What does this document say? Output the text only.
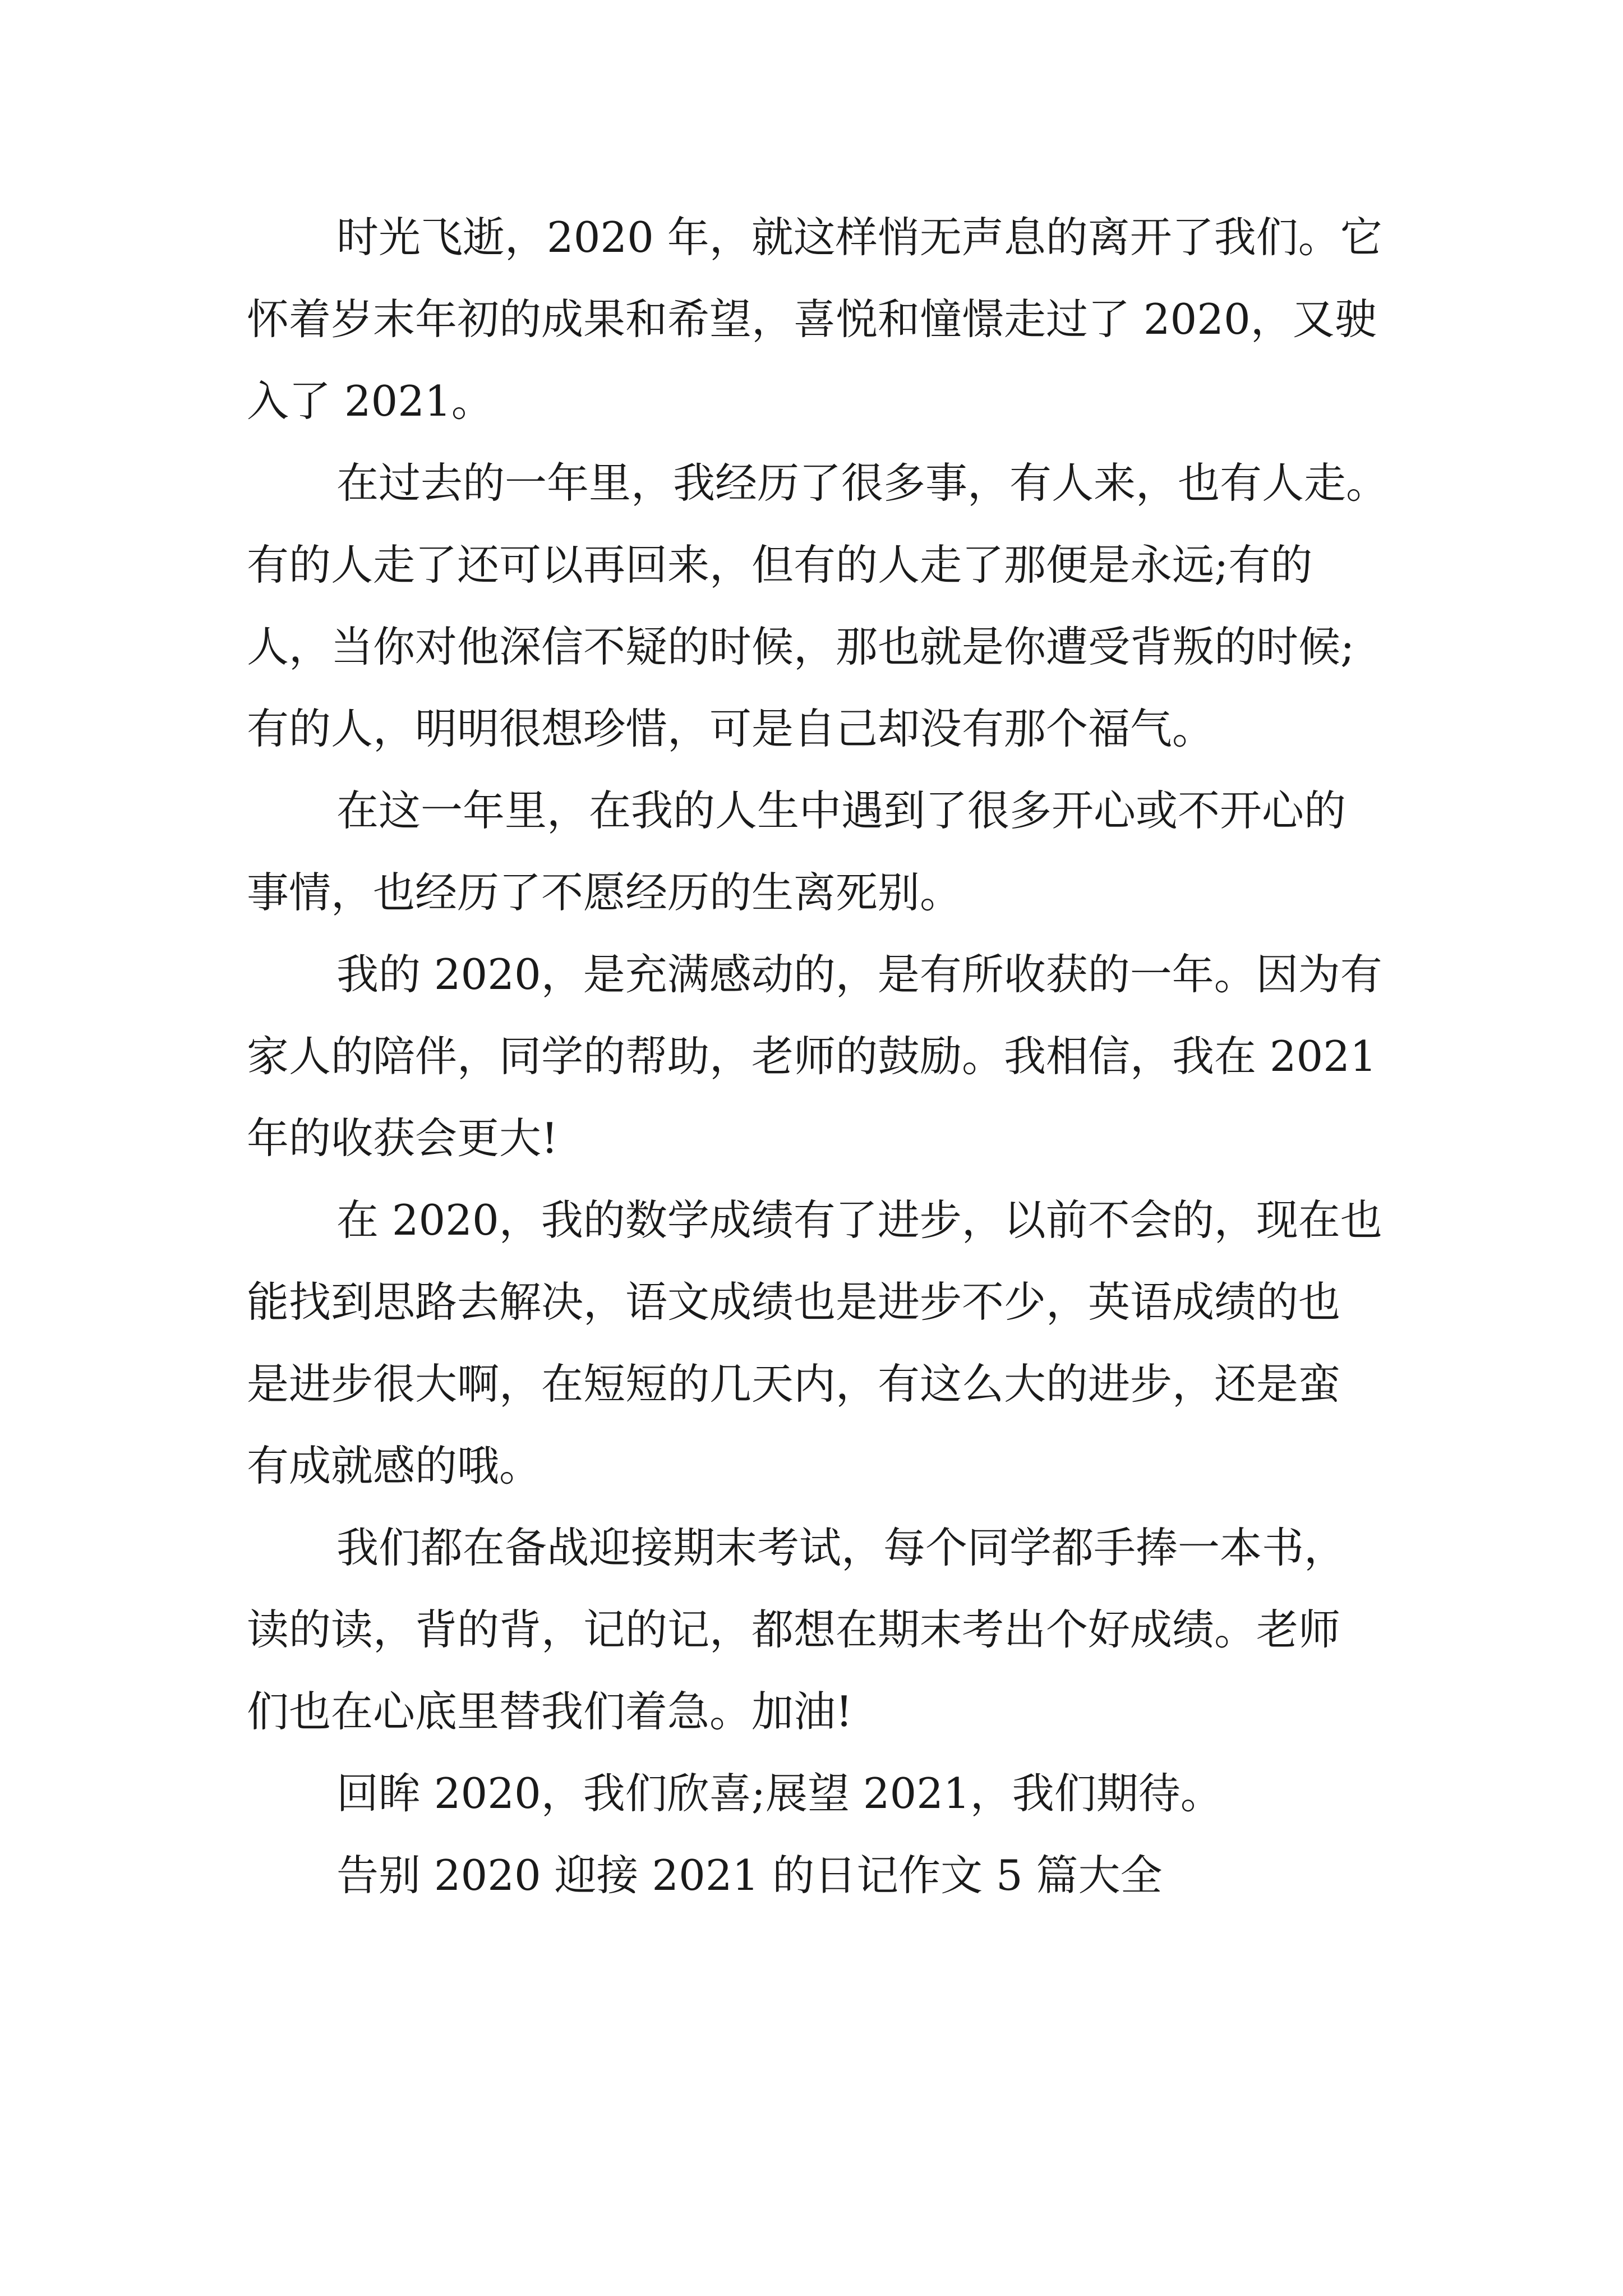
时光飞逝，2020 年，就这样悄无声息的离开了我们。它
怀着岁末年初的成果和希望，喜悦和憧憬走过了 2020，又驶
入了 2021。
在过去的一年里，我经历了很多事，有人来，也有人走。
有的人走了还可以再回来，但有的人走了那便是永远;有的
人，当你对他深信不疑的时候，那也就是你遭受背叛的时候;
有的人，明明很想珍惜，可是自己却没有那个福气。
在这一年里，在我的人生中遇到了很多开心或不开心的
事情，也经历了不愿经历的生离死别。
我的 2020，是充满感动的，是有所收获的一年。因为有
家人的陪伴，同学的帮助，老师的鼓励。我相信，我在 2021
年的收获会更大!
在 2020，我的数学成绩有了进步，以前不会的，现在也
能找到思路去解决，语文成绩也是进步不少，英语成绩的也
是进步很大啊，在短短的几天内，有这么大的进步，还是蛮
有成就感的哦。
我们都在备战迎接期末考试，每个同学都手捧一本书，
读的读，背的背，记的记，都想在期末考出个好成绩。老师
们也在心底里替我们着急。加油!
回眸 2020，我们欣喜;展望 2021，我们期待。
告别 2020 迎接 2021 的日记作文 5 篇大全
